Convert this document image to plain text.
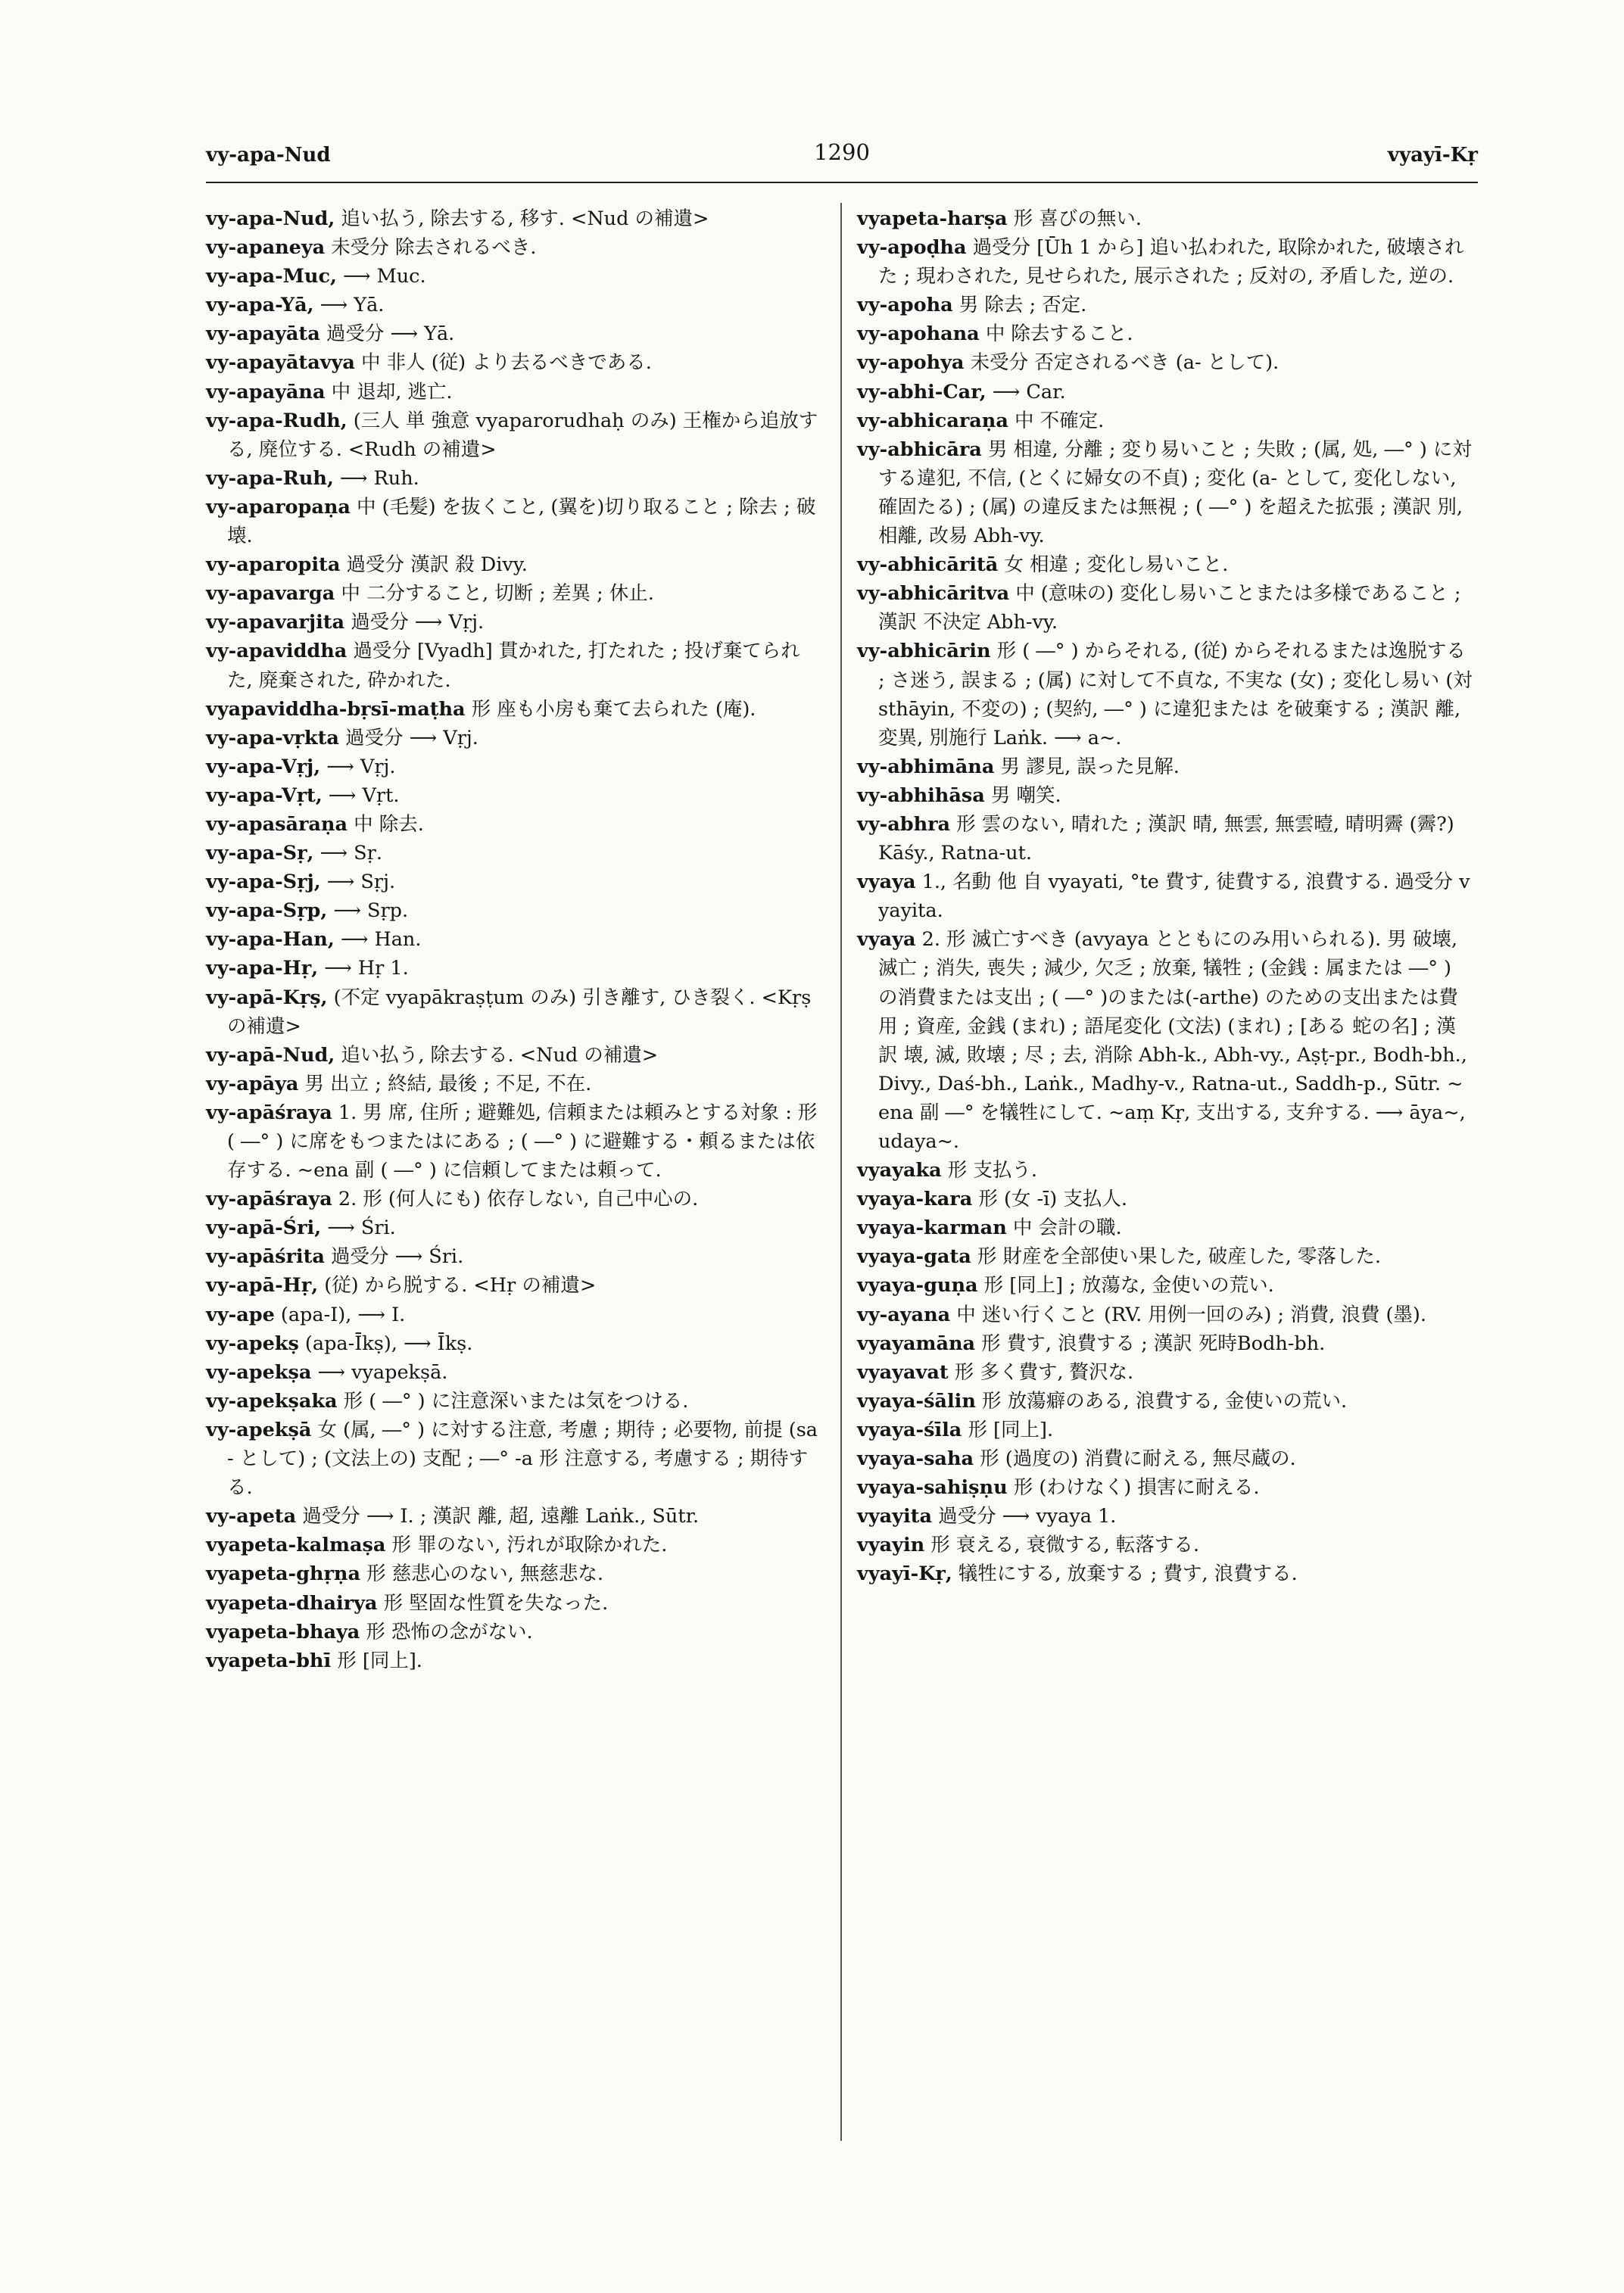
vy-apa-Nud	1290	vyayī-Kṛ

vy-apa-Nud, 追い払う, 除去する, 移す. <Nud の補遺>

vy-apaneya 未受分 除去されるべき.

vy-apa-Muc, ⟶ Muc.

vy-apa-Yā, ⟶ Yā.

vy-apayāta 過受分 ⟶ Yā.

vy-apayātavya 中 非人 (従) より去るべきである.

vy-apayāna 中 退却, 逃亡.

vy-apa-Rudh, (三人 単 強意 vyaparorudhaḥ のみ) 王権から追放する, 廃位する. <Rudh の補遺>

vy-apa-Ruh, ⟶ Ruh.

vy-aparopaṇa 中 (毛髪) を抜くこと, (翼を)切り取ること ; 除去 ; 破壊.

vy-aparopita 過受分 漢訳 殺 Divy.

vy-apavarga 中 二分すること, 切断 ; 差異 ; 休止.

vy-apavarjita 過受分 ⟶ Vṛj.

vy-apaviddha 過受分 [Vyadh] 貫かれた, 打たれた ; 投げ棄てられた, 廃棄された, 砕かれた.

vyapaviddha-bṛsī-maṭha 形 座も小房も棄て去られた (庵).

vy-apa-vṛkta 過受分 ⟶ Vṛj.

vy-apa-Vṛj, ⟶ Vṛj.

vy-apa-Vṛt, ⟶ Vṛt.

vy-apasāraṇa 中 除去.

vy-apa-Sṛ, ⟶ Sṛ.

vy-apa-Sṛj, ⟶ Sṛj.

vy-apa-Sṛp, ⟶ Sṛp.

vy-apa-Han, ⟶ Han.

vy-apa-Hṛ, ⟶ Hṛ 1.

vy-apā-Kṛṣ, (不定 vyapākraṣṭum のみ) 引き離す, ひき裂く. <Kṛṣ の補遺>

vy-apā-Nud, 追い払う, 除去する. <Nud の補遺>

vy-apāya 男 出立 ; 終結, 最後 ; 不足, 不在.

vy-apāśraya 1. 男 席, 住所 ; 避難処, 信頼または頼みとする対象 : 形 ( ―° ) に席をもつまたはにある ; ( ―° ) に避難する・頼るまたは依存する. ~ena 副 ( ―° ) に信頼してまたは頼って.

vy-apāśraya 2. 形 (何人にも) 依存しない, 自己中心の.

vy-apā-Śri, ⟶ Śri.

vy-apāśrita 過受分 ⟶ Śri.

vy-apā-Hṛ, (従) から脱する. <Hṛ の補遺>

vy-ape (apa-I), ⟶ I.

vy-apekṣ (apa-Īkṣ), ⟶ Īkṣ.

vy-apekṣa ⟶ vyapekṣā.

vy-apekṣaka 形 ( ―° ) に注意深いまたは気をつける.

vy-apekṣā 女 (属, ―° ) に対する注意, 考慮 ; 期待 ; 必要物, 前提 (sa- として) ; (文法上の) 支配 ; ―° -a 形 注意する, 考慮する ; 期待する.

vy-apeta 過受分 ⟶ I. ; 漢訳 離, 超, 遠離 Laṅk., Sūtr.

vyapeta-kalmaṣa 形 罪のない, 汚れが取除かれた.

vyapeta-ghṛṇa 形 慈悲心のない, 無慈悲な.

vyapeta-dhairya 形 堅固な性質を失なった.

vyapeta-bhaya 形 恐怖の念がない.

vyapeta-bhī 形 [同上].

vyapeta-harṣa 形 喜びの無い.

vy-apoḍha 過受分 [Ūh 1 から] 追い払われた, 取除かれた, 破壊された ; 現わされた, 見せられた, 展示された ; 反対の, 矛盾した, 逆の.

vy-apoha 男 除去 ; 否定.

vy-apohana 中 除去すること.

vy-apohya 未受分 否定されるべき (a- として).

vy-abhi-Car, ⟶ Car.

vy-abhicaraṇa 中 不確定.

vy-abhicāra 男 相違, 分離 ; 変り易いこと ; 失敗 ; (属, 処, ―° ) に対する違犯, 不信, (とくに婦女の不貞) ; 変化 (a- として, 変化しない, 確固たる) ; (属) の違反または無視 ; ( ―° ) を超えた拡張 ; 漢訳 別, 相離, 改易 Abh-vy.

vy-abhicāritā 女 相違 ; 変化し易いこと.

vy-abhicāritva 中 (意味の) 変化し易いことまたは多様であること ; 漢訳 不決定 Abh-vy.

vy-abhicārin 形 ( ―° ) からそれる, (従) からそれるまたは逸脱する ; さ迷う, 誤まる ; (属) に対して不貞な, 不実な (女) ; 変化し易い (対 sthāyin, 不変の) ; (契約, ―° ) に違犯または を破棄する ; 漢訳 離, 変異, 別施行 Laṅk. ⟶ a~.

vy-abhimāna 男 謬見, 誤った見解.

vy-abhihāsa 男 嘲笑.

vy-abhra 形 雲のない, 晴れた ; 漢訳 晴, 無雲, 無雲曀, 晴明霽 (霽?) Kāśy., Ratna-ut.

vyaya 1., 名動 他 自 vyayati, °te 費す, 徒費する, 浪費する. 過受分 vyayita.

vyaya 2. 形 滅亡すべき (avyaya とともにのみ用いられる). 男 破壊, 滅亡 ; 消失, 喪失 ; 減少, 欠乏 ; 放棄, 犠牲 ; (金銭 : 属または ―° ) の消費または支出 ; ( ―° )のまたは(-arthe) のための支出または費用 ; 資産, 金銭 (まれ) ; 語尾変化 (文法) (まれ) ; [ある 蛇の名] ; 漢訳 壊, 滅, 敗壊 ; 尽 ; 去, 消除 Abh-k., Abh-vy., Aṣṭ-pr., Bodh-bh., Divy., Daś-bh., Laṅk., Madhy-v., Ratna-ut., Saddh-p., Sūtr. ~ena 副 ―° を犠牲にして. ~aṃ Kṛ, 支出する, 支弁する. ⟶ āya~, udaya~.

vyayaka 形 支払う.

vyaya-kara 形 (女 -ī) 支払人.

vyaya-karman 中 会計の職.

vyaya-gata 形 財産を全部使い果した, 破産した, 零落した.

vyaya-guṇa 形 [同上] ; 放蕩な, 金使いの荒い.

vy-ayana 中 迷い行くこと (RV. 用例一回のみ) ; 消費, 浪費 (墨).

vyayamāna 形 費す, 浪費する ; 漢訳 死時Bodh-bh.

vyayavat 形 多く費す, 贅沢な.

vyaya-śālin 形 放蕩癖のある, 浪費する, 金使いの荒い.

vyaya-śīla 形 [同上].

vyaya-saha 形 (過度の) 消費に耐える, 無尽蔵の.

vyaya-sahiṣṇu 形 (わけなく) 損害に耐える.

vyayita 過受分 ⟶ vyaya 1.

vyayin 形 衰える, 衰微する, 転落する.

vyayī-Kṛ, 犠牲にする, 放棄する ; 費す, 浪費する.
